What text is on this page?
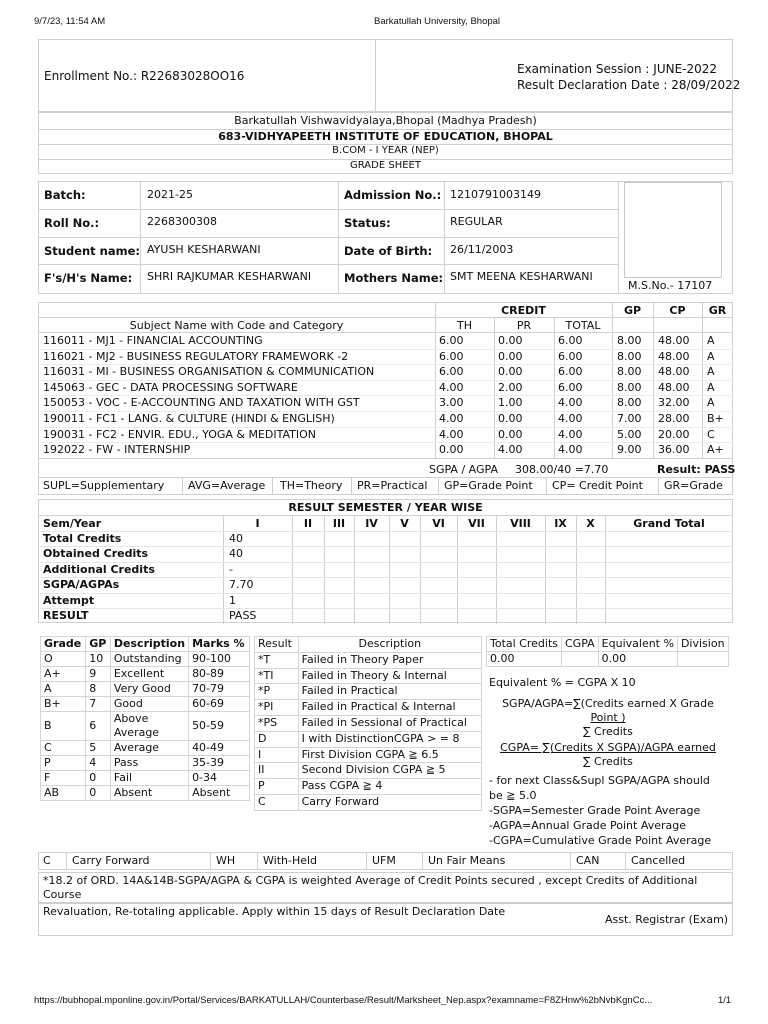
9/7/23, 11:54 AM	Barkatullah University, Bhopal
https://bubhopal.mponline.gov.in/Portal/Services/BARKATULLAH/Counterbase/Result/Marksheet_Nep.aspx?examname=F8ZHnw%2bNvbKgnCc...	1/1
Enrollment No.: R22683028OO16	Examination Session : JUNE-2022
Result Declaration Date : 28/09/2022
Barkatullah Vishwavidyalaya,Bhopal (Madhya Pradesh)
683-VIDHYAPEETH INSTITUTE OF EDUCATION, BHOPAL
B.COM - I YEAR (NEP)
GRADE SHEET
M.S.No.- 17107
Batch:	2021-25	Admission No.: 1210791003149
Roll No.:	2268300308	Status:	REGULAR
Student name: AYUSH KESHARWANI	Date of Birth: 26/11/2003
F's/H's Name: SHRI RAJKUMAR KESHARWANI	Mothers Name: SMT MEENA KESHARWANI
CREDIT	GP	CP	GR
Subject Name with Code and Category	TH	PR	TOTAL
116011 - MJ1 - FINANCIAL ACCOUNTING	6.00	0.00	6.00	8.00 48.00 A
116021 - MJ2 - BUSINESS REGULATORY FRAMEWORK -2	6.00	0.00	6.00	8.00 48.00 A
116031 - MI - BUSINESS ORGANISATION & COMMUNICATION	6.00	0.00	6.00	8.00 48.00 A
145063 - GEC - DATA PROCESSING SOFTWARE	4.00	2.00	6.00	8.00 48.00 A
150053 - VOC - E-ACCOUNTING AND TAXATION WITH GST	3.00	1.00	4.00	8.00 32.00 A
190011 - FC1 - LANG. & CULTURE (HINDI & ENGLISH)	4.00	0.00	4.00	7.00 28.00 B+
190031 - FC2 - ENVIR. EDU., YOGA & MEDITATION	4.00	0.00	4.00	5.00 20.00 C
192022 - FW - INTERNSHIP	0.00	4.00	4.00	9.00 36.00 A+
SGPA / AGPA 308.00/40 =7.70	Result: PASS
SUPL=Supplementary AVG=Average TH=Theory PR=Practical GP=Grade Point CP= Credit Point GR=Grade
RESULT SEMESTER / YEAR WISE
Sem/Year	I	II	III	IV	V	VI	VII	VIII	IX	X	Grand Total
Total Credits	40
Obtained Credits	40
Additional Credits	-
SGPA/AGPAs	7.70
Attempt	1
RESULT	PASS
Grade	GP	Description	Marks %
O	10	Outstanding	90-100
A+	9	Excellent	80-89
A	8	Very Good	70-79
B+	7	Good	60-69
B	6	Above Average	50-59
C	5	Average	40-49
P	4	Pass	35-39
F	0	Fail	0-34
AB	0	Absent	Absent
Result	Description
*T	Failed in Theory Paper
*TI	Failed in Theory & Internal
*P	Failed in Practical
*PI	Failed in Practical & Internal
*PS	Failed in Sessional of Practical
D	I with DistinctionCGPA > = 8
I	First Division CGPA ≧ 6.5
II	Second Division CGPA ≧ 5
P	Pass CGPA ≧ 4
C	Carry Forward
Total Credits	CGPA	Equivalent %	Division
0.00		0.00	
Equivalent % = CGPA X 10
SGPA/AGPA=∑(Credits earned X Grade
Point )
∑ Credits
CGPA= ∑(Credits X SGPA)/AGPA earned
∑ Credits
- for next Class&Supl SGPA/AGPA should
be ≧ 5.0
-SGPA=Semester Grade Point Average
-AGPA=Annual Grade Point Average
-CGPA=Cumulative Grade Point Average
C Carry Forward	WH	With-Held	UFM	Un Fair Means	CAN	Cancelled
*18.2 of ORD. 14A&14B-SGPA/AGPA & CGPA is weighted Average of Credit Points secured , except Credits of Additional Course
Revaluation, Re-totaling applicable. Apply within 15 days of Result Declaration Date
Asst. Registrar (Exam)
